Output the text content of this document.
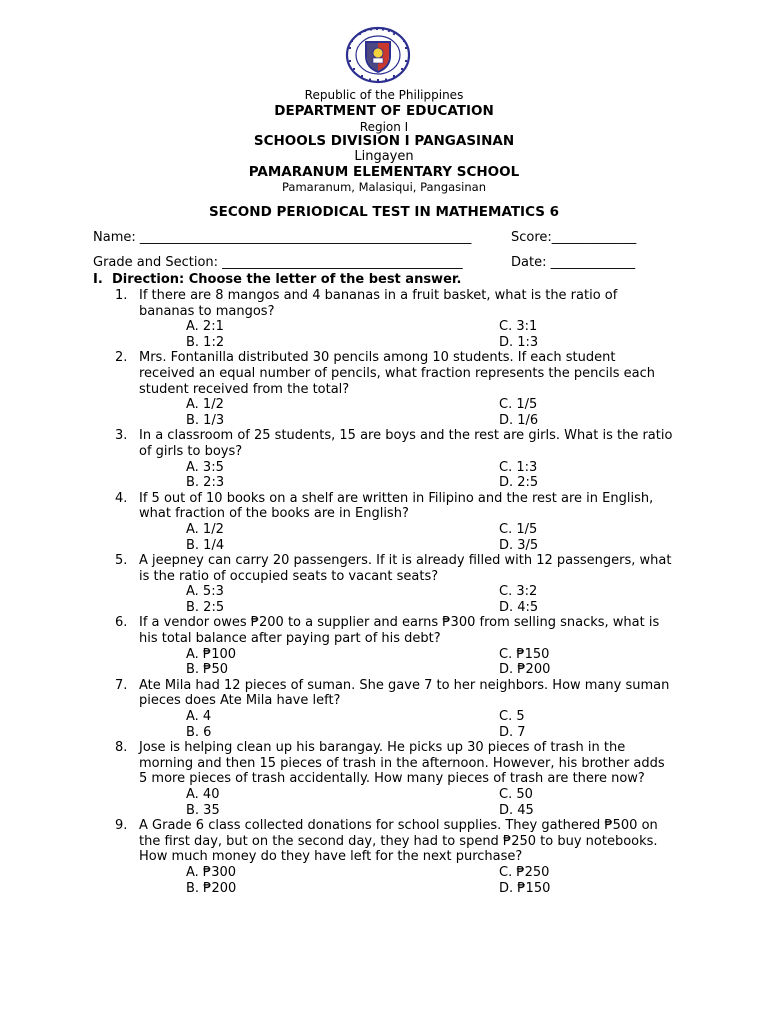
Republic of the Philippines
DEPARTMENT OF EDUCATION
Region I
SCHOOLS DIVISION I PANGASINAN
Lingayen
PAMARANUM ELEMENTARY SCHOOL
Pamaranum, Malasiqui, Pangasinan
SECOND PERIODICAL TEST IN MATHEMATICS 6
Name: ___________________________________________________	Score:_____________
Grade and Section: _____________________________________	Date: _____________
I. Direction: Choose the letter of the best answer.
1. If there are 8 mangos and 4 bananas in a fruit basket, what is the ratio of bananas to mangos?
A. 2:1	C. 3:1
B. 1:2	D. 1:3
2. Mrs. Fontanilla distributed 30 pencils among 10 students. If each student received an equal number of pencils, what fraction represents the pencils each student received from the total?
A. 1/2	C. 1/5
B. 1/3	D. 1/6
3. In a classroom of 25 students, 15 are boys and the rest are girls. What is the ratio of girls to boys?
A. 3:5	C. 1:3
B. 2:3	D. 2:5
4. If 5 out of 10 books on a shelf are written in Filipino and the rest are in English, what fraction of the books are in English?
A. 1/2	C. 1/5
B. 1/4	D. 3/5
5. A jeepney can carry 20 passengers. If it is already filled with 12 passengers, what is the ratio of occupied seats to vacant seats?
A. 5:3	C. 3:2
B. 2:5	D. 4:5
6. If a vendor owes ₱200 to a supplier and earns ₱300 from selling snacks, what is his total balance after paying part of his debt?
A. ₱100	C. ₱150
B. ₱50	D. ₱200
7. Ate Mila had 12 pieces of suman. She gave 7 to her neighbors. How many suman pieces does Ate Mila have left?
A. 4	C. 5
B. 6	D. 7
8. Jose is helping clean up his barangay. He picks up 30 pieces of trash in the morning and then 15 pieces of trash in the afternoon. However, his brother adds 5 more pieces of trash accidentally. How many pieces of trash are there now?
A. 40	C. 50
B. 35	D. 45
9. A Grade 6 class collected donations for school supplies. They gathered ₱500 on the first day, but on the second day, they had to spend ₱250 to buy notebooks. How much money do they have left for the next purchase?
A. ₱300	C. ₱250
B. ₱200	D. ₱150
